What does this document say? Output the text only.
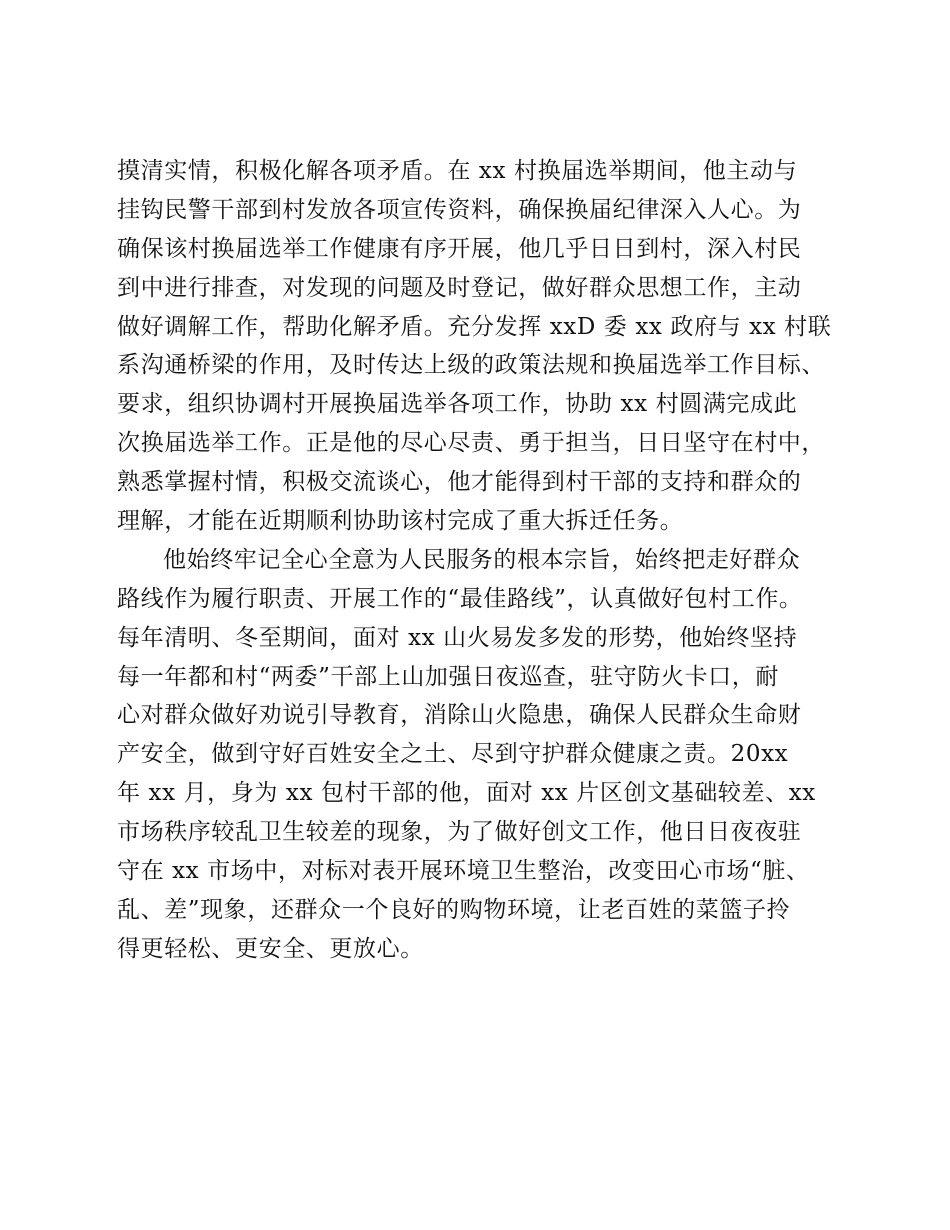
摸清实情，积极化解各项矛盾。在 xx 村换届选举期间，他主动与
挂钩民警干部到村发放各项宣传资料，确保换届纪律深入人心。为
确保该村换届选举工作健康有序开展，他几乎日日到村，深入村民
到中进行排查，对发现的问题及时登记，做好群众思想工作，主动
做好调解工作，帮助化解矛盾。充分发挥 xxD 委 xx 政府与 xx 村联
系沟通桥梁的作用，及时传达上级的政策法规和换届选举工作目标、
要求，组织协调村开展换届选举各项工作，协助 xx 村圆满完成此
次换届选举工作。正是他的尽心尽责、勇于担当，日日坚守在村中，
熟悉掌握村情，积极交流谈心，他才能得到村干部的支持和群众的
理解，才能在近期顺利协助该村完成了重大拆迁任务。
他始终牢记全心全意为人民服务的根本宗旨，始终把走好群众
路线作为履行职责、开展工作的“最佳路线”，认真做好包村工作。
每年清明、冬至期间，面对 xx 山火易发多发的形势，他始终坚持
每一年都和村“两委”干部上山加强日夜巡查，驻守防火卡口，耐
心对群众做好劝说引导教育，消除山火隐患，确保人民群众生命财
产安全，做到守好百姓安全之土、尽到守护群众健康之责。20xx
年 xx 月，身为 xx 包村干部的他，面对 xx 片区创文基础较差、xx
市场秩序较乱卫生较差的现象，为了做好创文工作，他日日夜夜驻
守在 xx 市场中，对标对表开展环境卫生整治，改变田心市场“脏、
乱、差”现象，还群众一个良好的购物环境，让老百姓的菜篮子拎
得更轻松、更安全、更放心。
